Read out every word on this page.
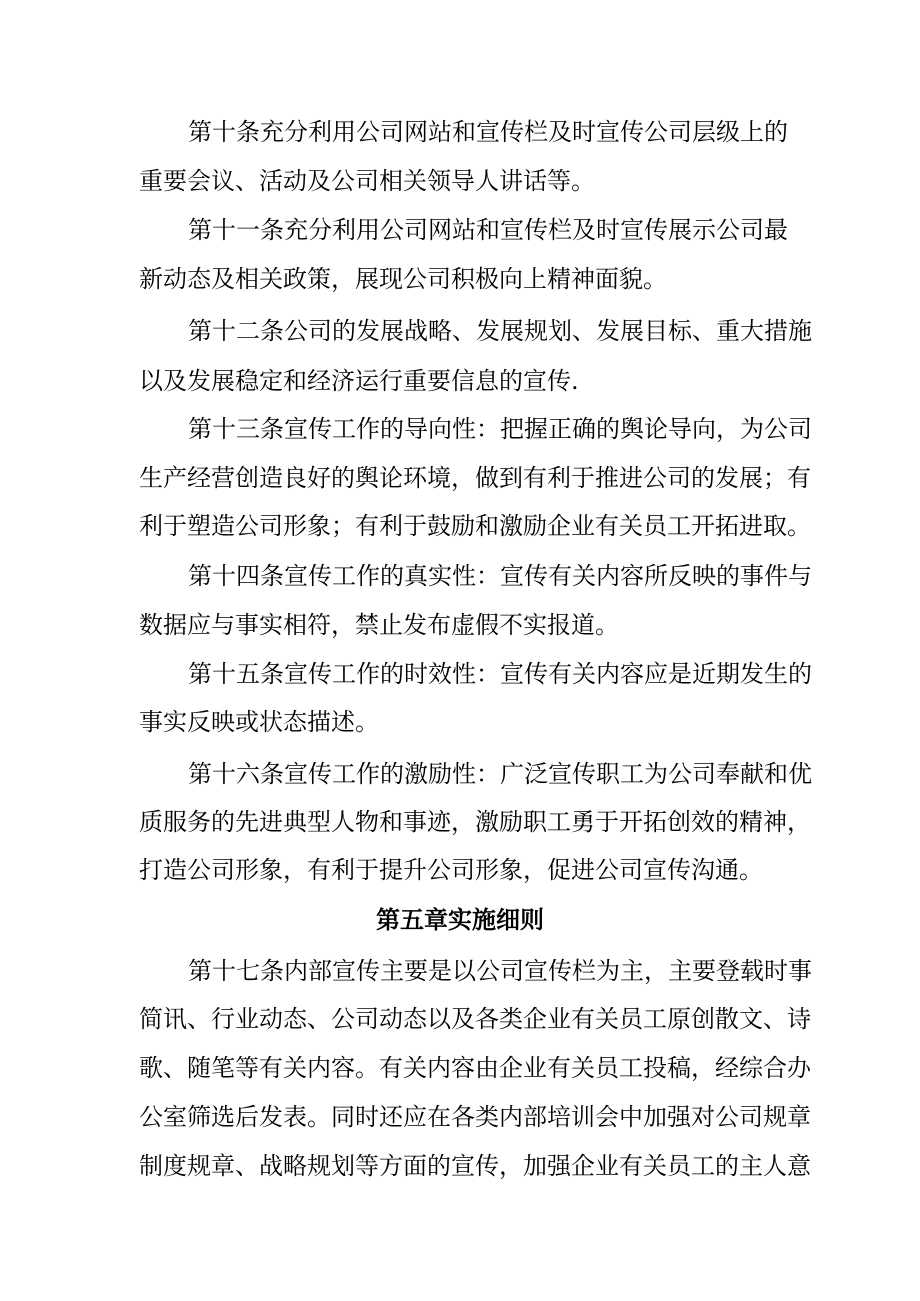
第十条充分利用公司网站和宣传栏及时宣传公司层级上的
重要会议、活动及公司相关领导人讲话等。
第十一条充分利用公司网站和宣传栏及时宣传展示公司最
新动态及相关政策，展现公司积极向上精神面貌。
第十二条公司的发展战略、发展规划、发展目标、重大措施
以及发展稳定和经济运行重要信息的宣传.
第十三条宣传工作的导向性：把握正确的舆论导向，为公司
生产经营创造良好的舆论环境，做到有利于推进公司的发展；有
利于塑造公司形象；有利于鼓励和激励企业有关员工开拓进取。
第十四条宣传工作的真实性：宣传有关内容所反映的事件与
数据应与事实相符，禁止发布虚假不实报道。
第十五条宣传工作的时效性：宣传有关内容应是近期发生的
事实反映或状态描述。
第十六条宣传工作的激励性：广泛宣传职工为公司奉献和优
质服务的先进典型人物和事迹，激励职工勇于开拓创效的精神，
打造公司形象，有利于提升公司形象，促进公司宣传沟通。
第五章实施细则
第十七条内部宣传主要是以公司宣传栏为主，主要登载时事
简讯、行业动态、公司动态以及各类企业有关员工原创散文、诗
歌、随笔等有关内容。有关内容由企业有关员工投稿，经综合办
公室筛选后发表。同时还应在各类内部培训会中加强对公司规章
制度规章、战略规划等方面的宣传，加强企业有关员工的主人意
